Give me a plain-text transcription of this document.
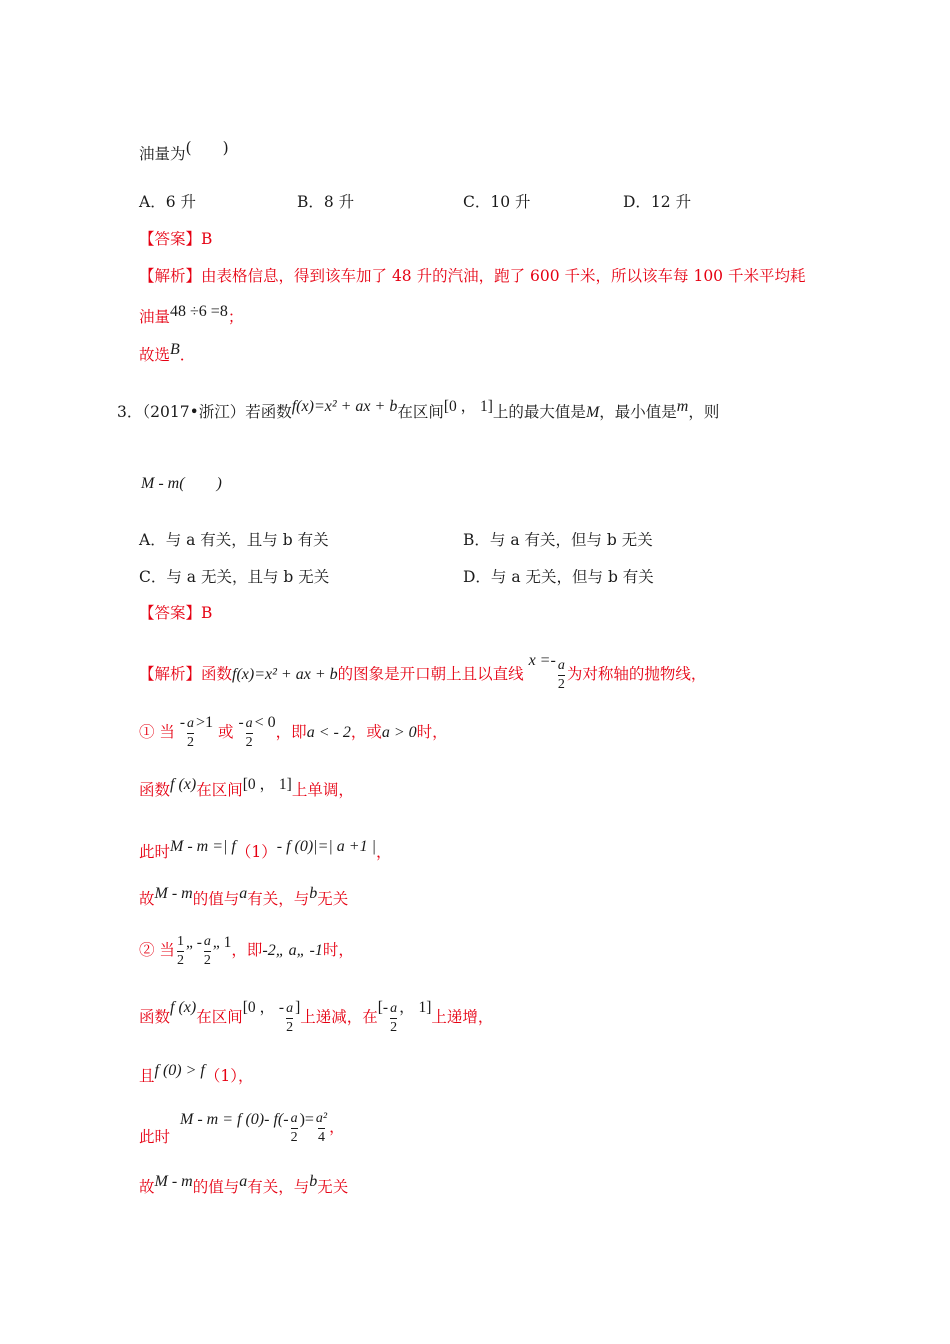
油量为(　　)
A．6 升	B．8 升	C．10 升	D．12 升
【答案】B
【解析】由表格信息，得到该车加了 48 升的汽油，跑了 600 千米，所以该车每 100 千米平均耗
油量48 ÷6 =8；
故选B．
3．（2017•浙江）若函数f(x)=x² + ax + b在区间[0 ， 1]上的最大值是M，最小值是m，则
M - m(　　)
A．与 a 有关，且与 b 有关	B．与 a 有关，但与 b 无关
C．与 a 无关，且与 b 无关	D．与 a 无关，但与 b 有关
【答案】B
【解析】函数f(x)=x² + ax + b的图象是开口朝上且以直线 $x =- \frac{a}{2}$ 为对称轴的抛物线，
① 当 - $\frac{a}{2} >1$ 或 - $\frac{a}{2} < 0$，即a < - 2，或a > 0时，
函数f (x)在区间[0 ， 1]上单调，
此时M - m =| f（1）- f (0)|=| a +1 |，
故M - m的值与a有关，与b无关
② 当 $\frac{1}{2}$ „ - $\frac{a}{2}$ „ 1，即-2„ a„ -1时，
函数f (x)在区间[0 ， - $\frac{a}{2}$ ]上递减，在[- $\frac{a}{2}$ ， 1]上递增，
且f (0) > f（1），
此时M - m = f (0)- $f(- \frac{a}{2}$ )= $\frac{\text{a²}}{4}$ ，
故M - m的值与a有关，与b无关
